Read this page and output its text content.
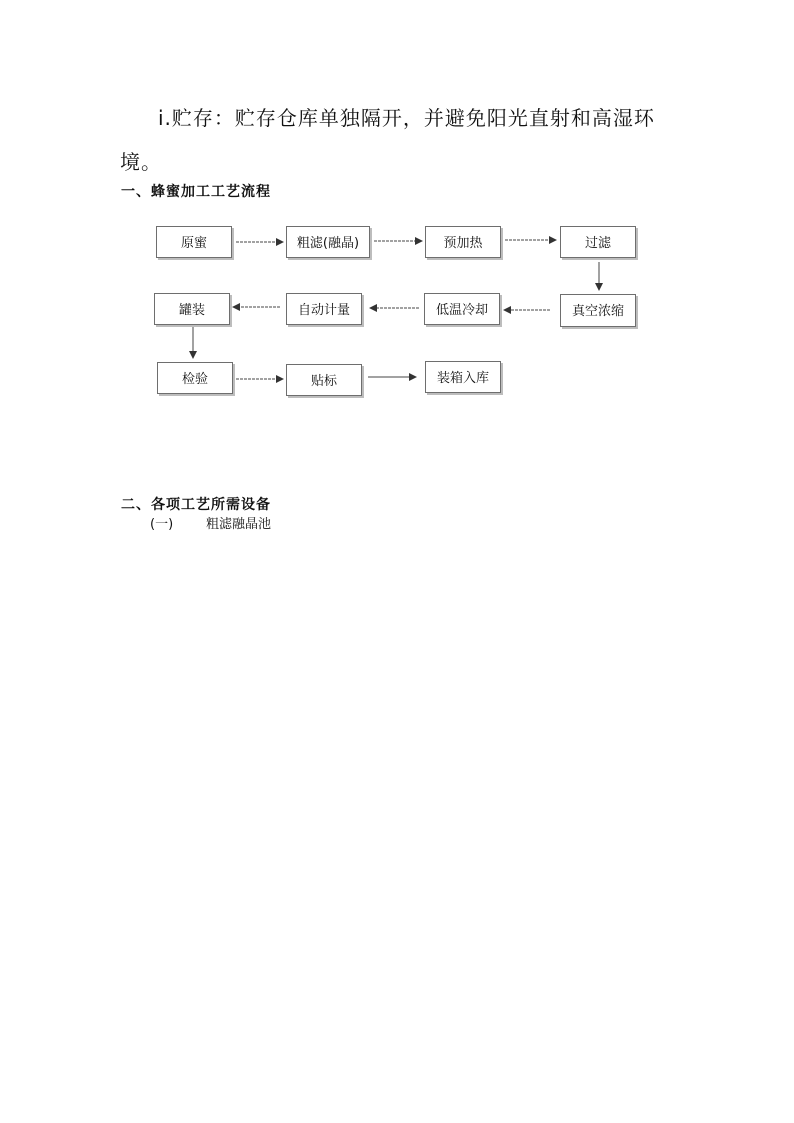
i.贮存：贮存仓库单独隔开，并避免阳光直射和高湿环境。
一、蜂蜜加工工艺流程
原蜜	粗滤(融晶)	预加热	过滤
罐装	自动计量	低温冷却	真空浓缩
检验	贴标	装箱入库
二、各项工艺所需设备
(一)	粗滤融晶池
